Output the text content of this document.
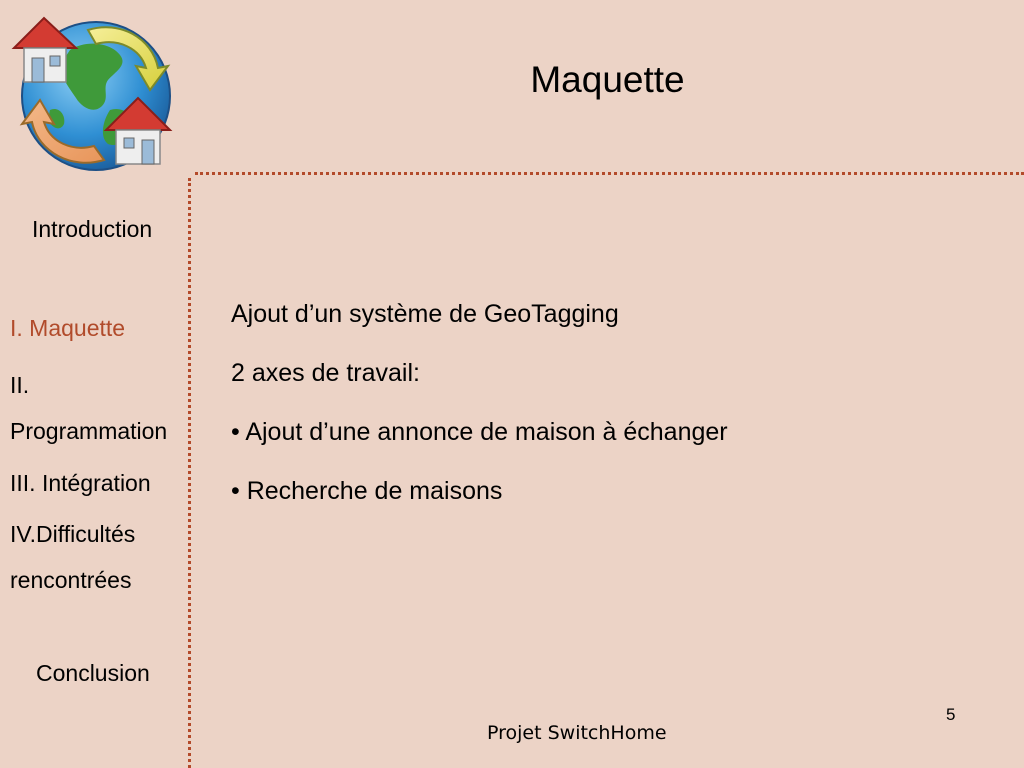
Maquette
Introduction
I. Maquette
II. Programmation
III. Intégration
IV.Difficultés rencontrées
Conclusion
Ajout d’un système de GeoTagging
2 axes de travail:
• Ajout d’une annonce de maison à échanger
• Recherche de maisons
5
Projet SwitchHome
